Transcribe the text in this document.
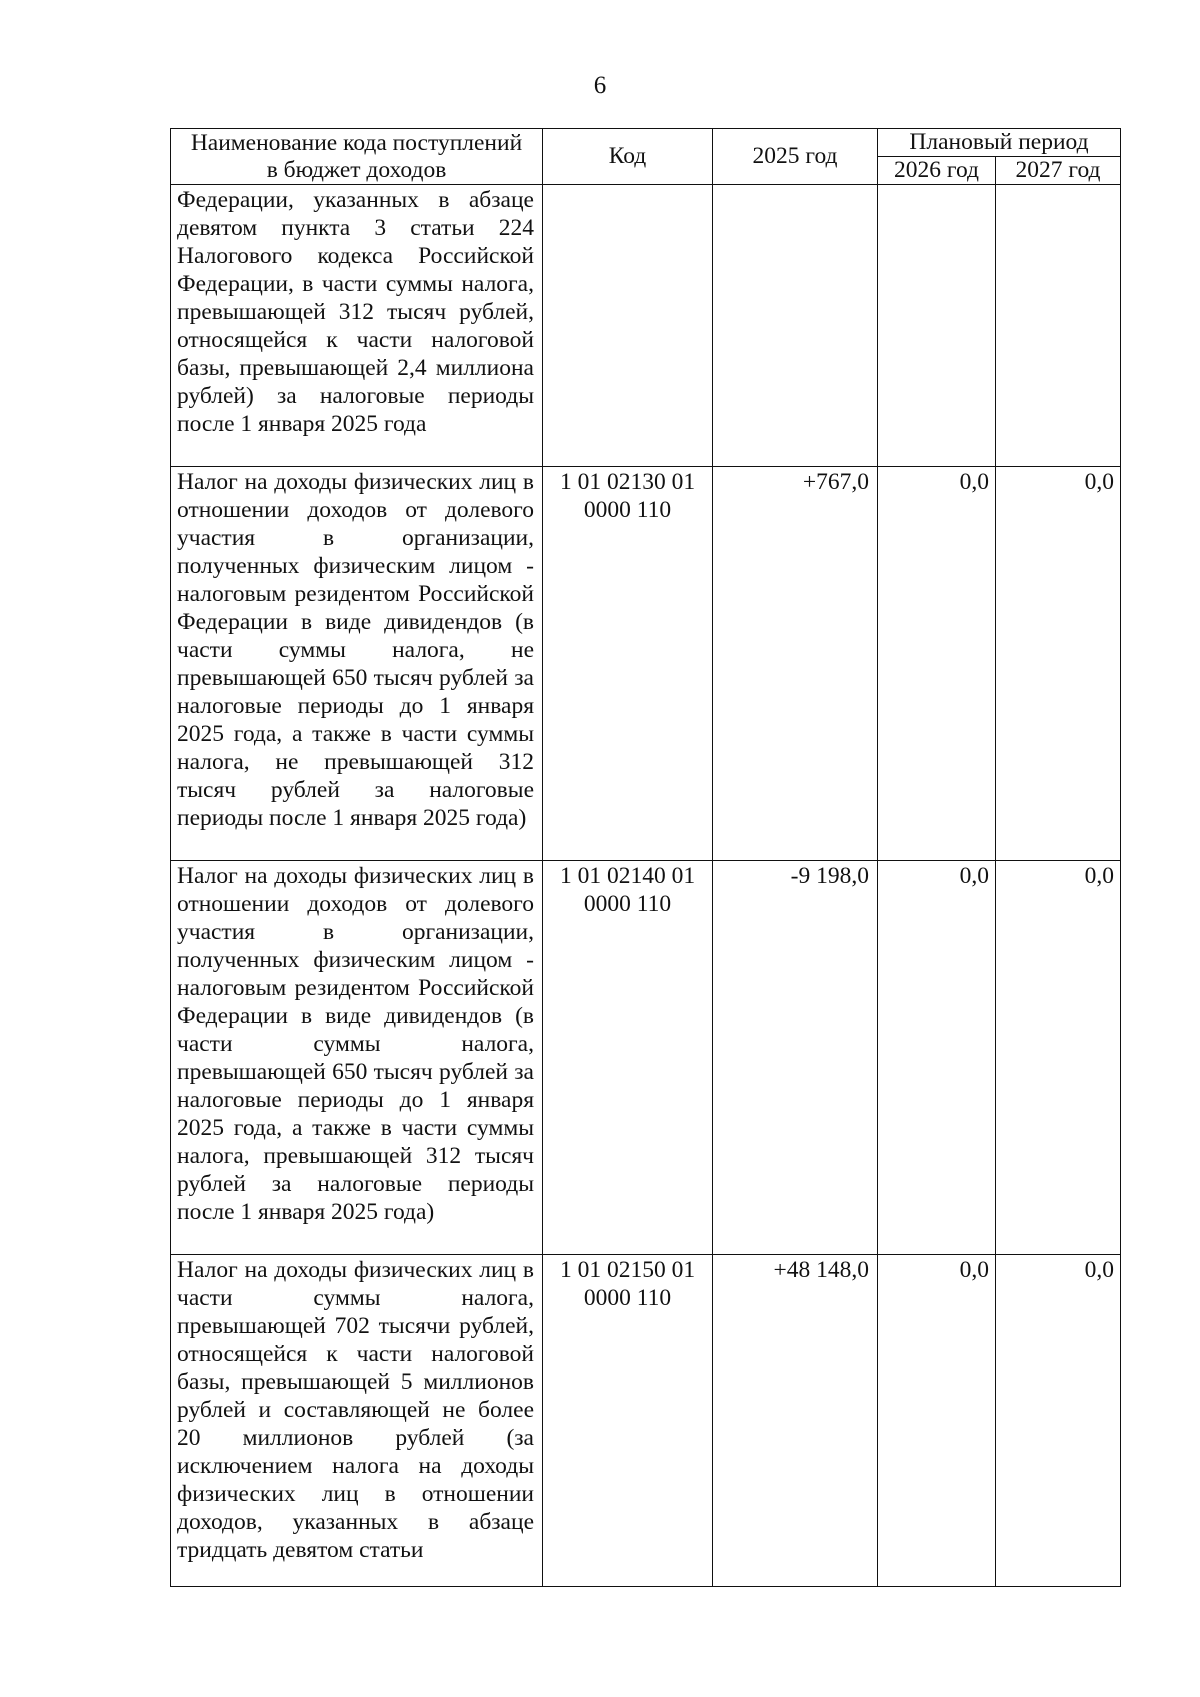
6
Наименование кода поступлений
в бюджет доходов	Код	2025 год	Плановый период	
			2026 год	2027 год
Федерации, указанных в абзаце девятом пункта 3 статьи 224 Налогового кодекса Российской Федерации, в части суммы налога, превышающей 312 тысяч рублей, относящейся к части налоговой базы, превышающей 2,4 миллиона рублей) за налоговые периоды после 1 января 2025 года				
Налог на доходы физических лиц в отношении доходов от долевого участия в организации, полученных физическим лицом - налоговым резидентом Российской Федерации в виде дивидендов (в части суммы налога, не превышающей 650 тысяч рублей за налоговые периоды до 1 января 2025 года, а также в части суммы налога, не превышающей 312 тысяч рублей за налоговые периоды после 1 января 2025 года)	1 01 02130 01 0000 110	+767,0	0,0	0,0
Налог на доходы физических лиц в отношении доходов от долевого участия в организации, полученных физическим лицом - налоговым резидентом Российской Федерации в виде дивидендов (в части суммы налога, превышающей 650 тысяч рублей за налоговые периоды до 1 января 2025 года, а также в части суммы налога, превышающей 312 тысяч рублей за налоговые периоды после 1 января 2025 года)	1 01 02140 01 0000 110	-9 198,0	0,0	0,0
Налог на доходы физических лиц в части суммы налога, превышающей 702 тысячи рублей, относящейся к части налоговой базы, превышающей 5 миллионов рублей и составляющей не более 20 миллионов рублей (за исключением налога на доходы физических лиц в отношении доходов, указанных в абзаце тридцать девятом статьи	1 01 02150 01 0000 110	+48 148,0	0,0	0,0
